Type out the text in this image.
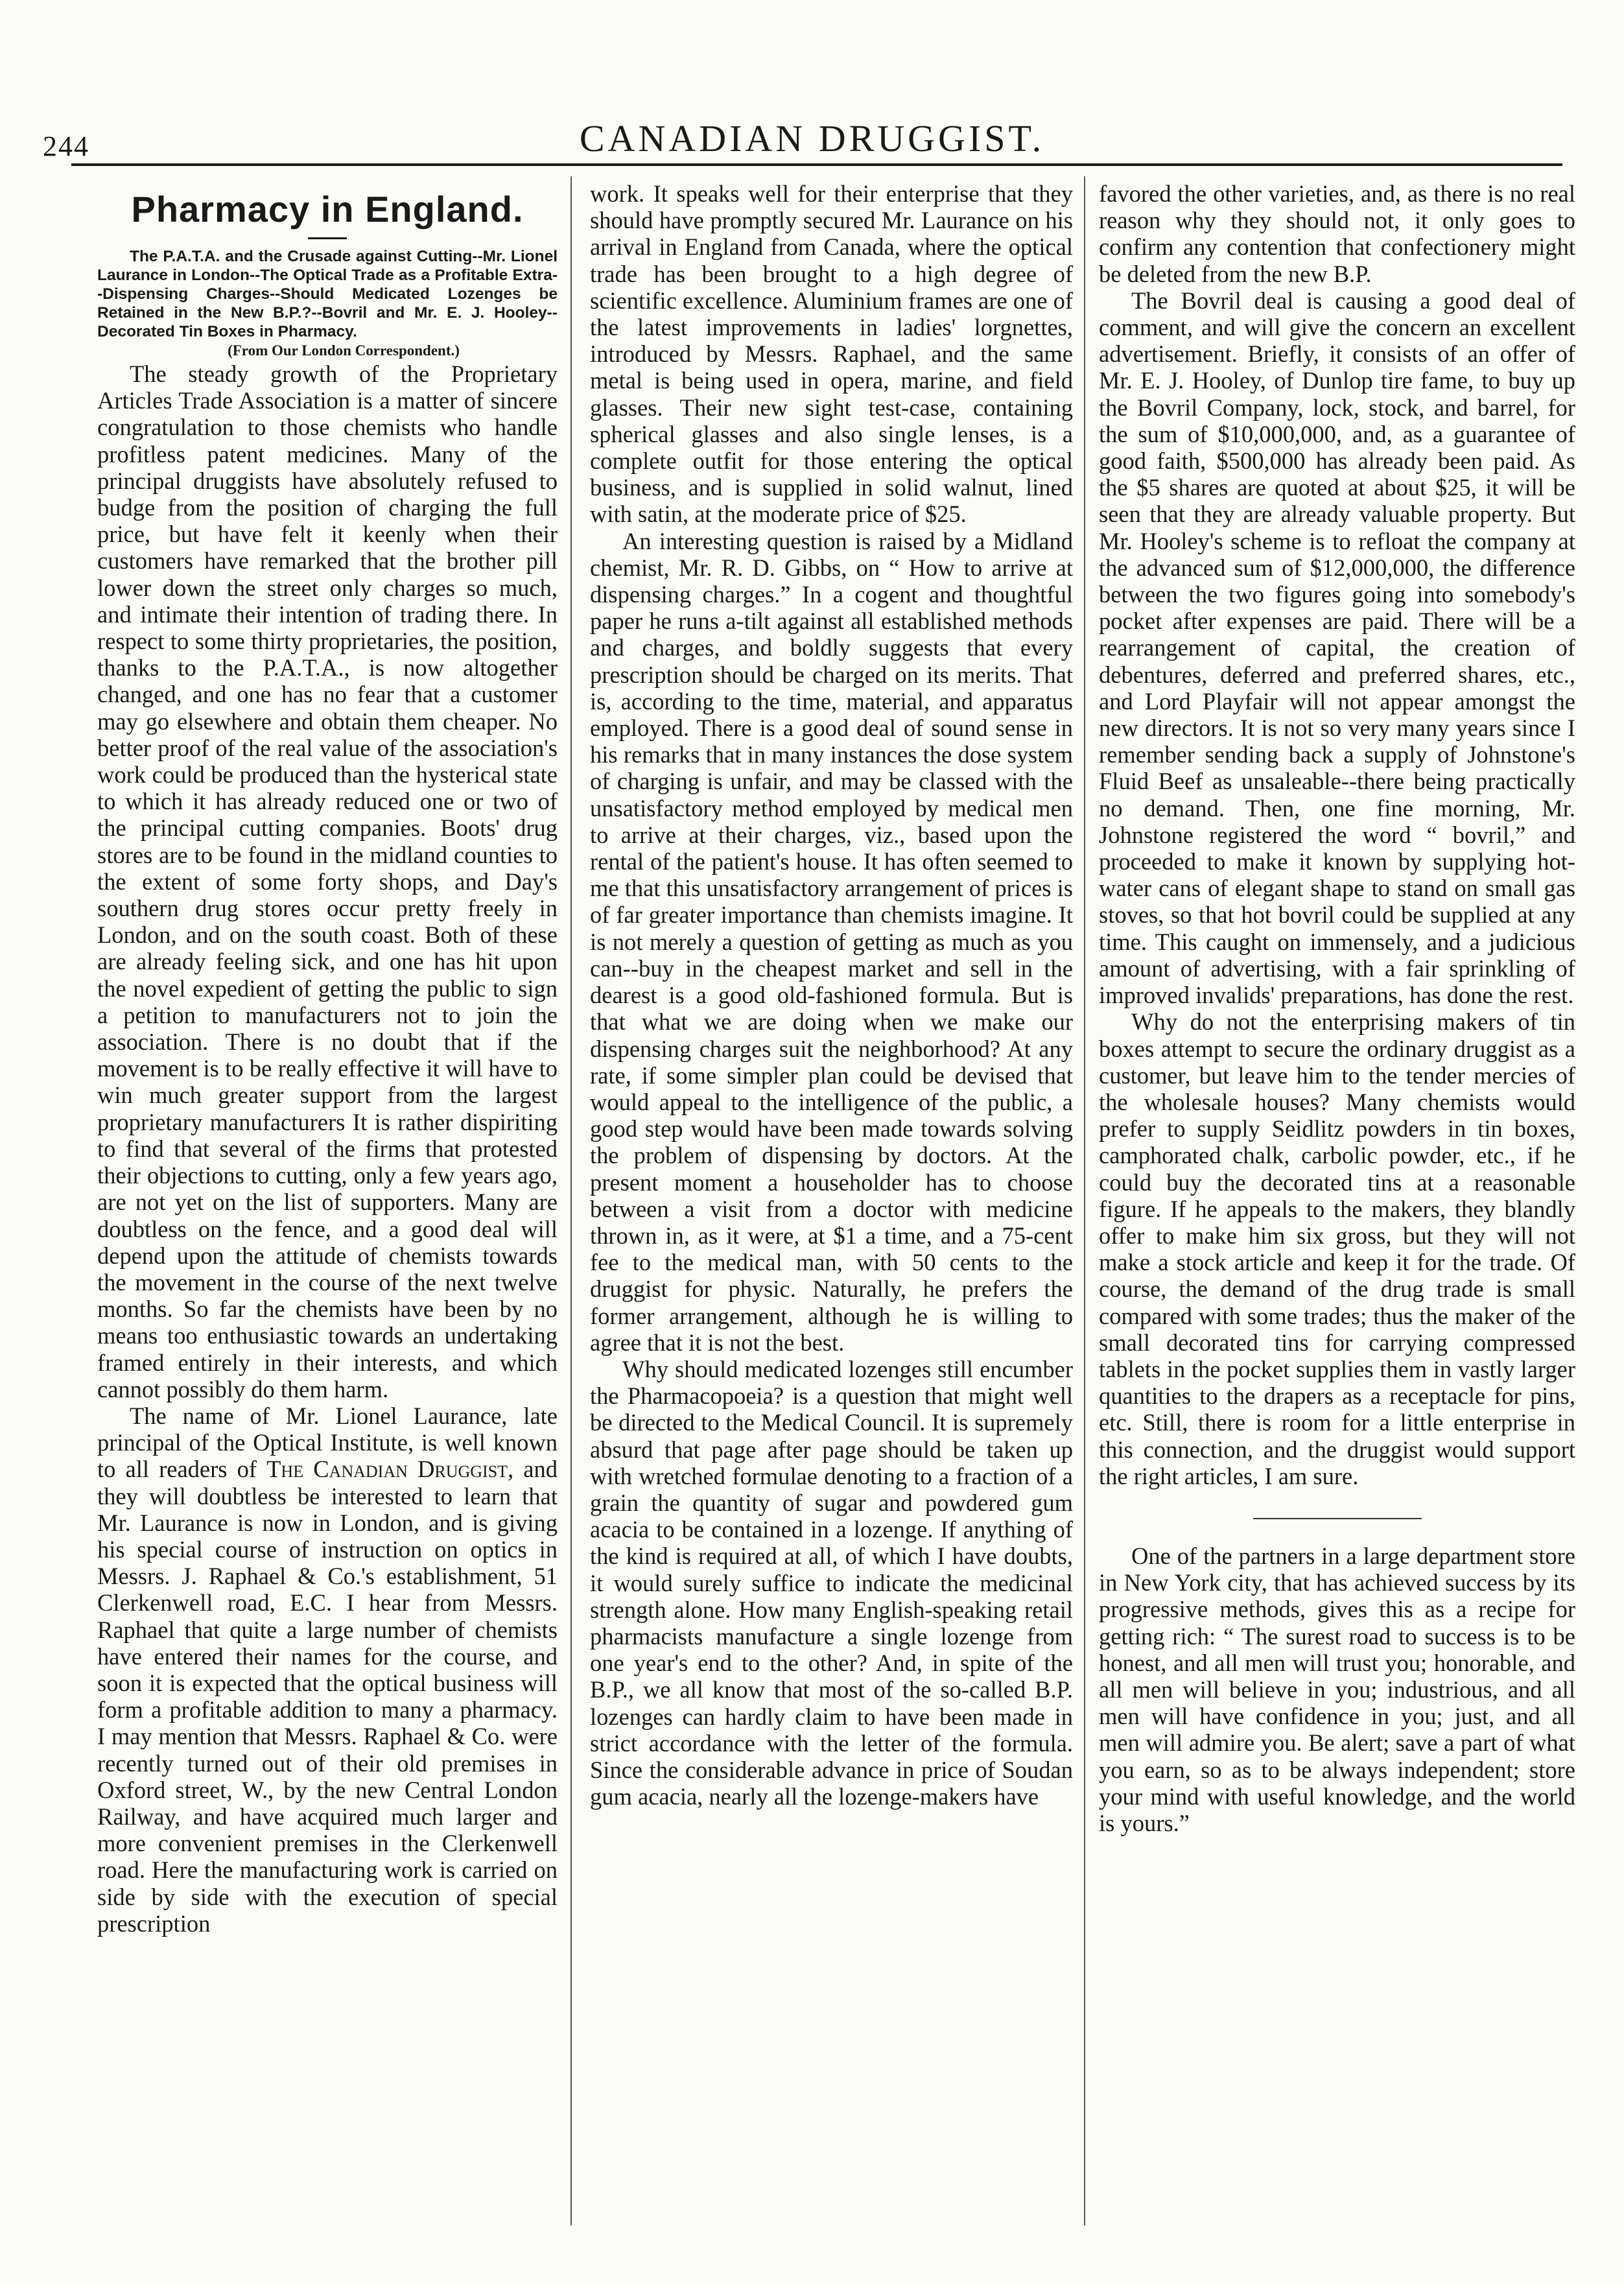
244	CANADIAN DRUGGIST.
Pharmacy in England.

The P.A.T.A. and the Crusade against Cutting--Mr. Lionel Laurance in London--The Optical Trade as a Profitable Extra--Dispensing Charges--Should Medicated Lozenges be Retained in the New B.P.?--Bovril and Mr. E. J. Hooley--Decorated Tin Boxes in Pharmacy.

(From Our London Correspondent.)

The steady growth of the Proprietary Articles Trade Association is a matter of sincere congratulation to those chemists who handle profitless patent medicines. Many of the principal druggists have absolutely refused to budge from the position of charging the full price, but have felt it keenly when their customers have remarked that the brother pill lower down the street only charges so much, and intimate their intention of trading there. In respect to some thirty proprietaries, the position, thanks to the P.A.T.A., is now altogether changed, and one has no fear that a customer may go elsewhere and obtain them cheaper. No better proof of the real value of the association's work could be produced than the hysterical state to which it has already reduced one or two of the principal cutting companies. Boots' drug stores are to be found in the midland counties to the extent of some forty shops, and Day's southern drug stores occur pretty freely in London, and on the south coast. Both of these are already feeling sick, and one has hit upon the novel expedient of getting the public to sign a petition to manufacturers not to join the association. There is no doubt that if the movement is to be really effective it will have to win much greater support from the largest proprietary manufacturers It is rather dispiriting to find that several of the firms that protested their objections to cutting, only a few years ago, are not yet on the list of supporters. Many are doubtless on the fence, and a good deal will depend upon the attitude of chemists towards the movement in the course of the next twelve months. So far the chemists have been by no means too enthusiastic towards an undertaking framed entirely in their interests, and which cannot possibly do them harm.

The name of Mr. Lionel Laurance, late principal of the Optical Institute, is well known to all readers of The Canadian Druggist, and they will doubtless be interested to learn that Mr. Laurance is now in London, and is giving his special course of instruction on optics in Messrs. J. Raphael & Co.'s establishment, 51 Clerkenwell road, E.C. I hear from Messrs. Raphael that quite a large number of chemists have entered their names for the course, and soon it is expected that the optical business will form a profitable addition to many a pharmacy. I may mention that Messrs. Raphael & Co. were recently turned out of their old premises in Oxford street, W., by the new Central London Railway, and have acquired much larger and more convenient premises in the Clerkenwell road. Here the manufacturing work is carried on side by side with the execution of special prescription

work. It speaks well for their enterprise that they should have promptly secured Mr. Laurance on his arrival in England from Canada, where the optical trade has been brought to a high degree of scientific excellence. Aluminium frames are one of the latest improvements in ladies' lorgnettes, introduced by Messrs. Raphael, and the same metal is being used in opera, marine, and field glasses. Their new sight test-case, containing spherical glasses and also single lenses, is a complete outfit for those entering the optical business, and is supplied in solid walnut, lined with satin, at the moderate price of $25.

An interesting question is raised by a Midland chemist, Mr. R. D. Gibbs, on “ How to arrive at dispensing charges.” In a cogent and thoughtful paper he runs a-tilt against all established methods and charges, and boldly suggests that every prescription should be charged on its merits. That is, according to the time, material, and apparatus employed. There is a good deal of sound sense in his remarks that in many instances the dose system of charging is unfair, and may be classed with the unsatisfactory method employed by medical men to arrive at their charges, viz., based upon the rental of the patient's house. It has often seemed to me that this unsatisfactory arrangement of prices is of far greater importance than chemists imagine. It is not merely a question of getting as much as you can--buy in the cheapest market and sell in the dearest is a good old-fashioned formula. But is that what we are doing when we make our dispensing charges suit the neighborhood? At any rate, if some simpler plan could be devised that would appeal to the intelligence of the public, a good step would have been made towards solving the problem of dispensing by doctors. At the present moment a householder has to choose between a visit from a doctor with medicine thrown in, as it were, at $1 a time, and a 75-cent fee to the medical man, with 50 cents to the druggist for physic. Naturally, he prefers the former arrangement, although he is willing to agree that it is not the best.

Why should medicated lozenges still encumber the Pharmacopoeia? is a question that might well be directed to the Medical Council. It is supremely absurd that page after page should be taken up with wretched formulae denoting to a fraction of a grain the quantity of sugar and powdered gum acacia to be contained in a lozenge. If anything of the kind is required at all, of which I have doubts, it would surely suffice to indicate the medicinal strength alone. How many English-speaking retail pharmacists manufacture a single lozenge from one year's end to the other? And, in spite of the B.P., we all know that most of the so-called B.P. lozenges can hardly claim to have been made in strict accordance with the letter of the formula. Since the considerable advance in price of Soudan gum acacia, nearly all the lozenge-makers have

favored the other varieties, and, as there is no real reason why they should not, it only goes to confirm any contention that confectionery might be deleted from the new B.P.

The Bovril deal is causing a good deal of comment, and will give the concern an excellent advertisement. Briefly, it consists of an offer of Mr. E. J. Hooley, of Dunlop tire fame, to buy up the Bovril Company, lock, stock, and barrel, for the sum of $10,000,000, and, as a guarantee of good faith, $500,000 has already been paid. As the $5 shares are quoted at about $25, it will be seen that they are already valuable property. But Mr. Hooley's scheme is to refloat the company at the advanced sum of $12,000,000, the difference between the two figures going into somebody's pocket after expenses are paid. There will be a rearrangement of capital, the creation of debentures, deferred and preferred shares, etc., and Lord Playfair will not appear amongst the new directors. It is not so very many years since I remember sending back a supply of Johnstone's Fluid Beef as unsaleable--there being practically no demand. Then, one fine morning, Mr. Johnstone registered the word “ bovril,” and proceeded to make it known by supplying hot-water cans of elegant shape to stand on small gas stoves, so that hot bovril could be supplied at any time. This caught on immensely, and a judicious amount of advertising, with a fair sprinkling of improved invalids' preparations, has done the rest.

Why do not the enterprising makers of tin boxes attempt to secure the ordinary druggist as a customer, but leave him to the tender mercies of the wholesale houses? Many chemists would prefer to supply Seidlitz powders in tin boxes, camphorated chalk, carbolic powder, etc., if he could buy the decorated tins at a reasonable figure. If he appeals to the makers, they blandly offer to make him six gross, but they will not make a stock article and keep it for the trade. Of course, the demand of the drug trade is small compared with some trades; thus the maker of the small decorated tins for carrying compressed tablets in the pocket supplies them in vastly larger quantities to the drapers as a receptacle for pins, etc. Still, there is room for a little enterprise in this connection, and the druggist would support the right articles, I am sure.

One of the partners in a large department store in New York city, that has achieved success by its progressive methods, gives this as a recipe for getting rich: “ The surest road to success is to be honest, and all men will trust you; honorable, and all men will believe in you; industrious, and all men will have confidence in you; just, and all men will admire you. Be alert; save a part of what you earn, so as to be always independent; store your mind with useful knowledge, and the world is yours.”
